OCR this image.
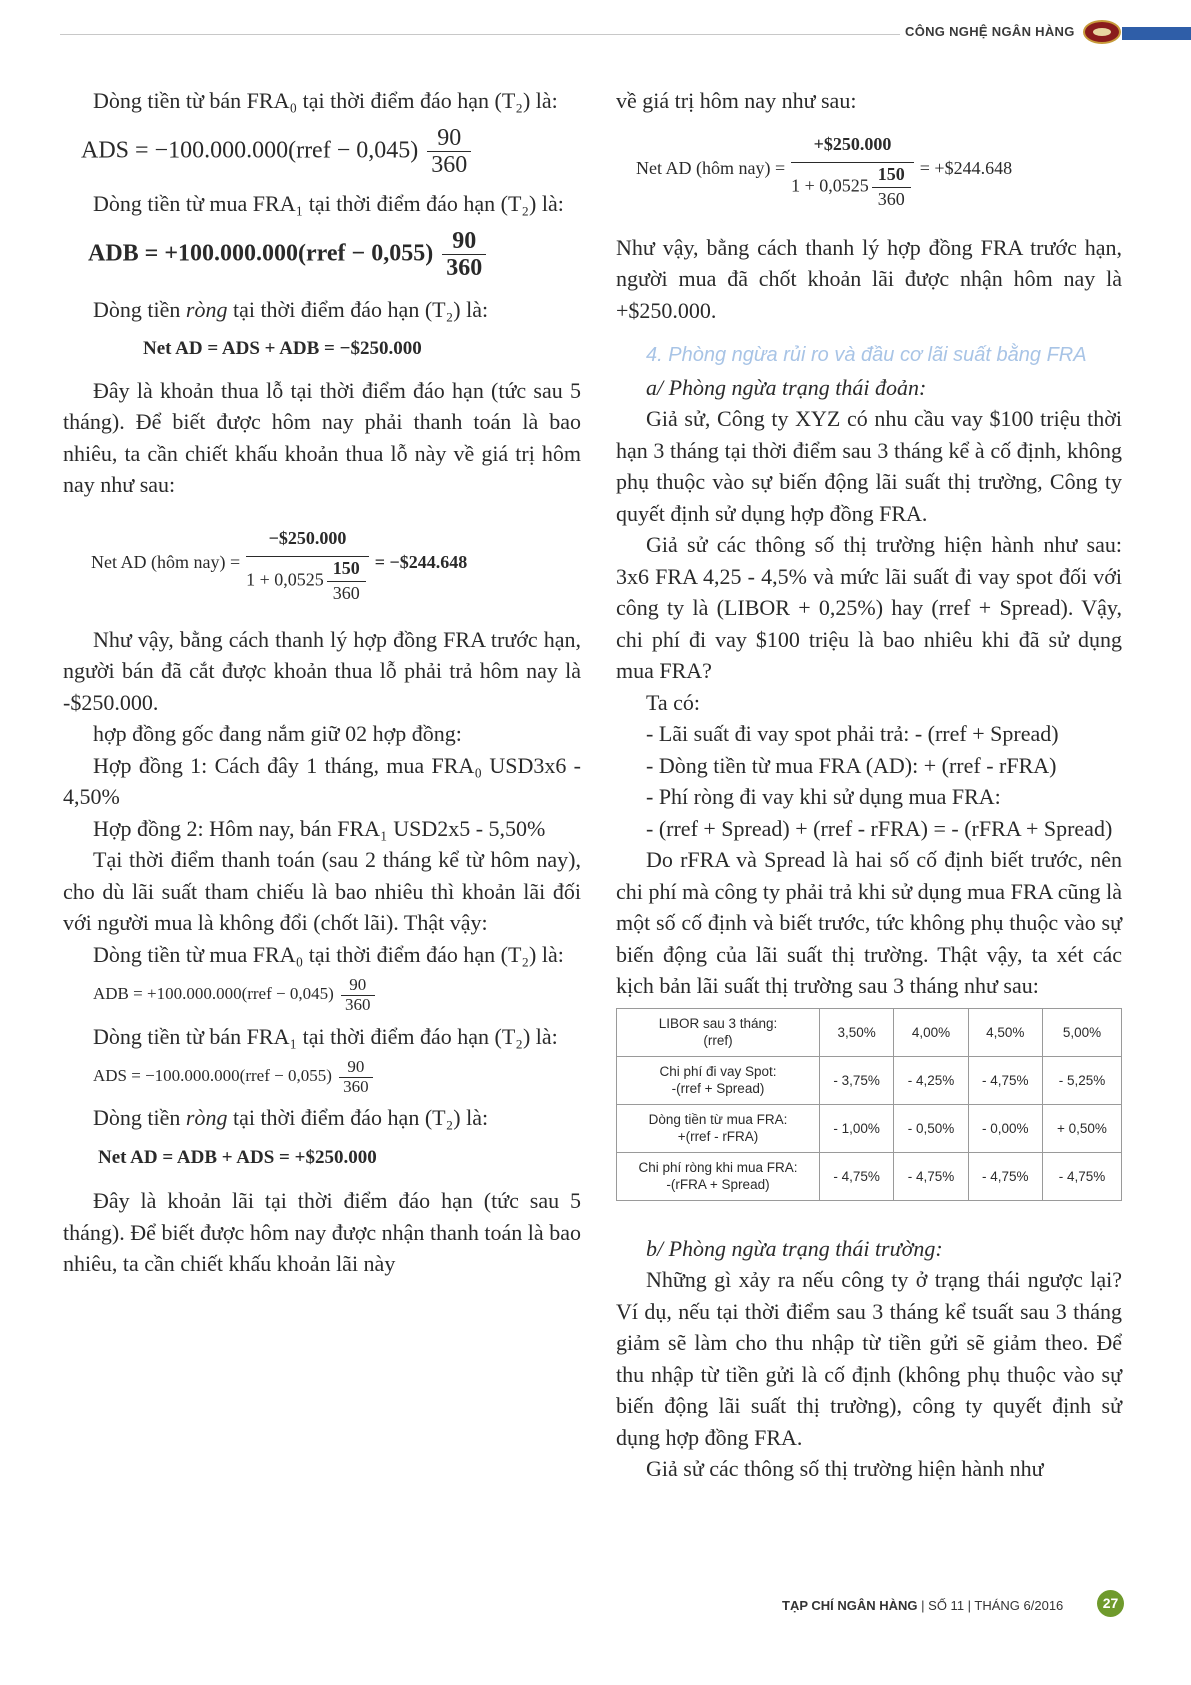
CÔNG NGHỆ NGÂN HÀNG

Dòng tiền từ bán FRA₀ tại thời điểm đáo hạn (T₂) là:

ADS = −100.000.000(rref − $0,045) \frac{90}{360}$

Dòng tiền từ mua FRA₁ tại thời điểm đáo hạn (T₂) là:

ADB = +100.000.000(rref − $0,055) \frac{90}{360}$

Dòng tiền ròng tại thời điểm đáo hạn (T₂) là:

Net AD = ADS + ADB = −$250.000

Đây là khoản thua lỗ tại thời điểm đáo hạn (tức sau 5 tháng). Để biết được hôm nay phải thanh toán là bao nhiêu, ta cần chiết khấu khoản thua lỗ này về giá trị hôm nay như sau:

Net AD (hôm $nay) = \frac{-\$250.000}{1 + 0,0525 \frac{150}{360}}$ = −$244.648

Như vậy, bằng cách thanh lý hợp đồng FRA trước hạn, người bán đã cắt được khoản thua lỗ phải trả hôm nay là -$250.000.

hợp đồng gốc đang nắm giữ 02 hợp đồng:

Hợp đồng 1: Cách đây 1 tháng, mua FRA₀ USD3x6 - 4,50%

Hợp đồng 2: Hôm nay, bán FRA₁ USD2x5 - 5,50%

Tại thời điểm thanh toán (sau 2 tháng kể từ hôm nay), cho dù lãi suất tham chiếu là bao nhiêu thì khoản lãi đối với người mua là không đổi (chốt lãi). Thật vậy:

Dòng tiền từ mua FRA₀ tại thời điểm đáo hạn (T₂) là:

ADB = +100.000.000(rref − $0,045) \frac{90}{360}$

Dòng tiền từ bán FRA₁ tại thời điểm đáo hạn (T₂) là:

ADS = −100.000.000(rref − $0,055) \frac{90}{360}$

Dòng tiền ròng tại thời điểm đáo hạn (T₂) là:

Net AD = ADB + ADS = +$250.000

Đây là khoản lãi tại thời điểm đáo hạn (tức sau 5 tháng). Để biết được hôm nay được nhận thanh toán là bao nhiêu, ta cần chiết khấu khoản lãi này

về giá trị hôm nay như sau:

Net AD (hôm $nay) = \frac{+\$250.000}{1 + 0,0525 \frac{150}{360}}$ = +$244.648

Như vậy, bằng cách thanh lý hợp đồng FRA trước hạn, người mua đã chốt khoản lãi được nhận hôm nay là +$250.000.

4. Phòng ngừa rủi ro và đầu cơ lãi suất bằng FRA

a/ Phòng ngừa trạng thái đoản:

Giả sử, Công ty XYZ có nhu cầu vay $100 triệu thời hạn 3 tháng tại thời điểm sau 3 tháng kể à cố định, không phụ thuộc vào sự biến động lãi suất thị trường, Công ty quyết định sử dụng hợp đồng FRA.

Giả sử các thông số thị trường hiện hành như sau: 3x6 FRA 4,25 - 4,5% và mức lãi suất đi vay spot đối với công ty là (LIBOR + 0,25%) hay (rref + Spread). Vậy, chi phí đi vay $100 triệu là bao nhiêu khi đã sử dụng mua FRA?

Ta có:

- Lãi suất đi vay spot phải trả: - (rref + Spread)

- Dòng tiền từ mua FRA (AD): + (rref - rFRA)

- Phí ròng đi vay khi sử dụng mua FRA:

- (rref + Spread) + (rref - rFRA) = - (rFRA + Spread)

Do rFRA và Spread là hai số cố định biết trước, nên chi phí mà công ty phải trả khi sử dụng mua FRA cũng là một số cố định và biết trước, tức không phụ thuộc vào sự biến động của lãi suất thị trường. Thật vậy, ta xét các kịch bản lãi suất thị trường sau 3 tháng như sau:

LIBOR sau 3 tháng:
(rref)	3,50%	4,00%	4,50%	5,00%
Chi phí đi vay Spot:
-(rref + Spread)	- 3,75%	- 4,25%	- 4,75%	- 5,25%
Dòng tiền từ mua FRA:
+(rref - rFRA)	- 1,00%	- 0,50%	- 0,00%	+ 0,50%
Chi phí ròng khi mua FRA:
-(rFRA + Spread)	- 4,75%	- 4,75%	- 4,75%	- 4,75%

b/ Phòng ngừa trạng thái trường:

Những gì xảy ra nếu công ty ở trạng thái ngược lại? Ví dụ, nếu tại thời điểm sau 3 tháng kể tsuất sau 3 tháng giảm sẽ làm cho thu nhập từ tiền gửi sẽ giảm theo. Để thu nhập từ tiền gửi là cố định (không phụ thuộc vào sự biến động lãi suất thị trường), công ty quyết định sử dụng hợp đồng FRA.

Giả sử các thông số thị trường hiện hành như

TẠP CHÍ NGÂN HÀNG | SỐ 11 | THÁNG 6/2016	27
